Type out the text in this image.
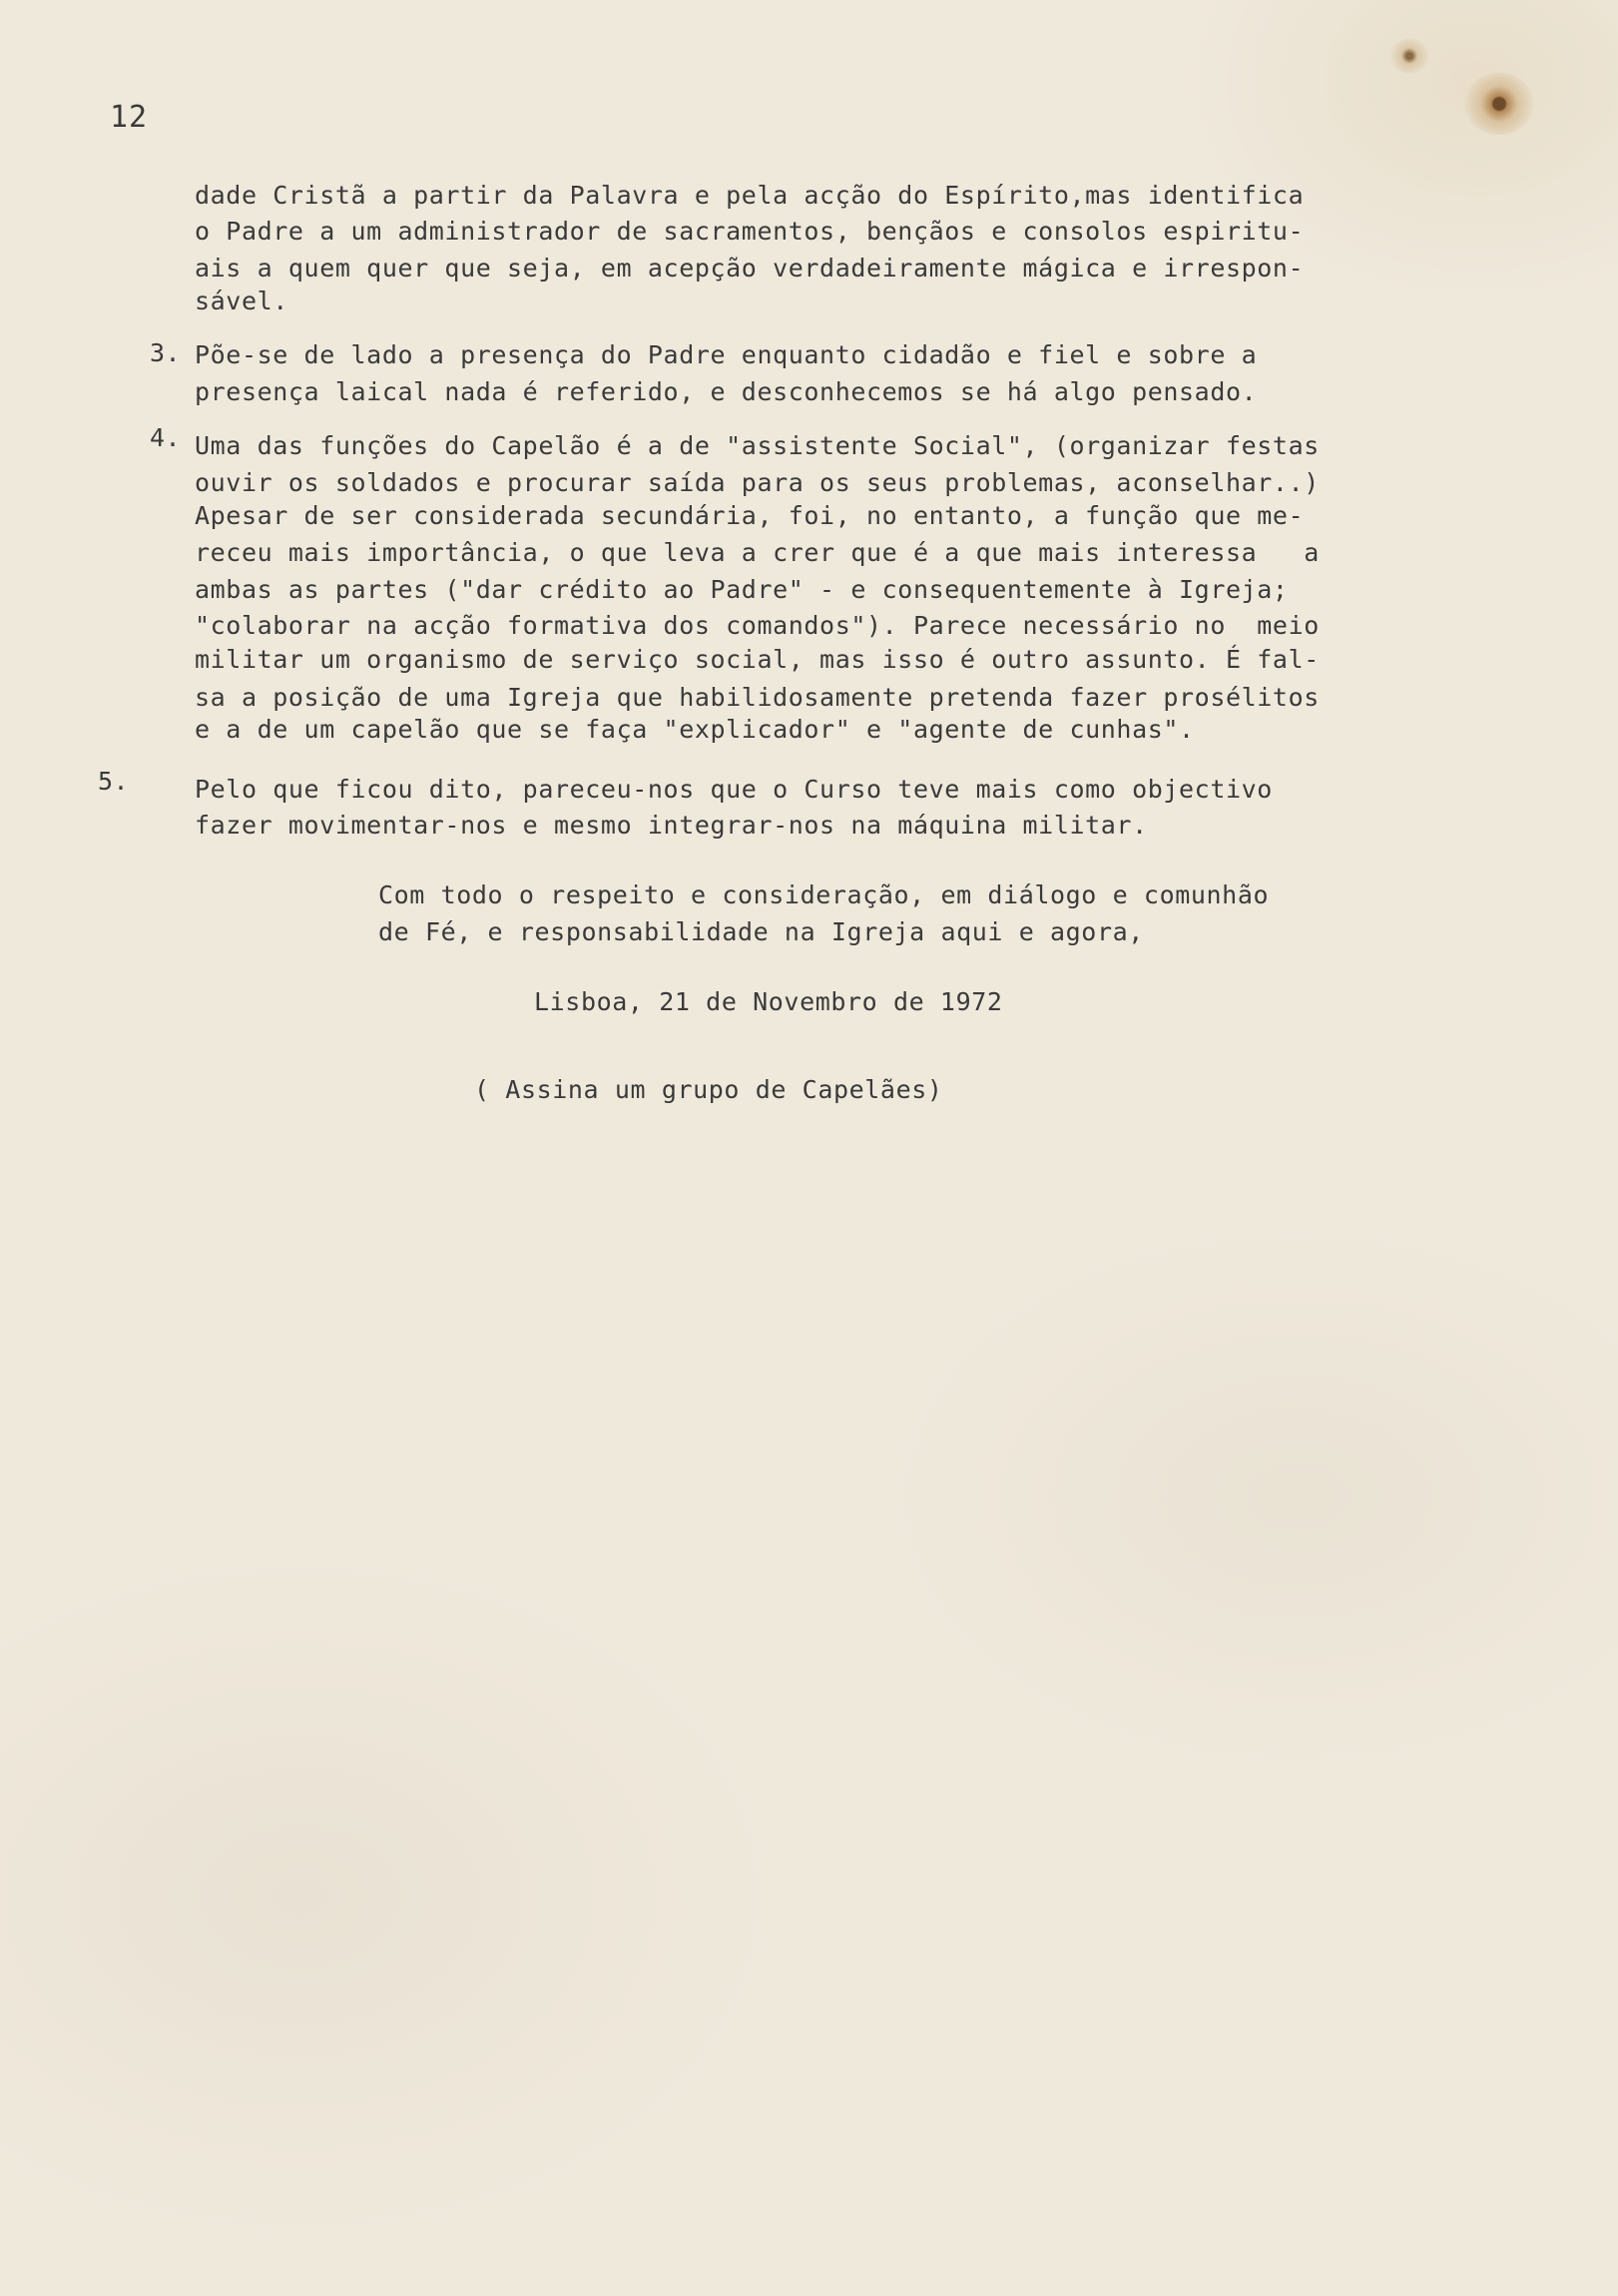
12
dade Cristã a partir da Palavra e pela acção do Espírito,mas identifica
o Padre a um administrador de sacramentos, bençãos e consolos espiritu-
ais a quem quer que seja, em acepção verdadeiramente mágica e irrespon-
sável.
3. Põe-se de lado a presença do Padre enquanto cidadão e fiel e sobre a
presença laical nada é referido, e desconhecemos se há algo pensado.
4. Uma das funções do Capelão é a de "assistente Social", (organizar festas
ouvir os soldados e procurar saída para os seus problemas, aconselhar..)
Apesar de ser considerada secundária, foi, no entanto, a função que me-
receu mais importância, o que leva a crer que é a que mais interessa   a
ambas as partes ("dar crédito ao Padre" - e consequentemente à Igreja;
"colaborar na acção formativa dos comandos"). Parece necessário no  meio
militar um organismo de serviço social, mas isso é outro assunto. É fal-
sa a posição de uma Igreja que habilidosamente pretenda fazer prosélitos
e a de um capelão que se faça "explicador" e "agente de cunhas".
5.	Pelo que ficou dito, pareceu-nos que o Curso teve mais como objectivo
fazer movimentar-nos e mesmo integrar-nos na máquina militar.
Com todo o respeito e consideração, em diálogo e comunhão
de Fé, e responsabilidade na Igreja aqui e agora,
Lisboa, 21 de Novembro de 1972
( Assina um grupo de Capelães)
